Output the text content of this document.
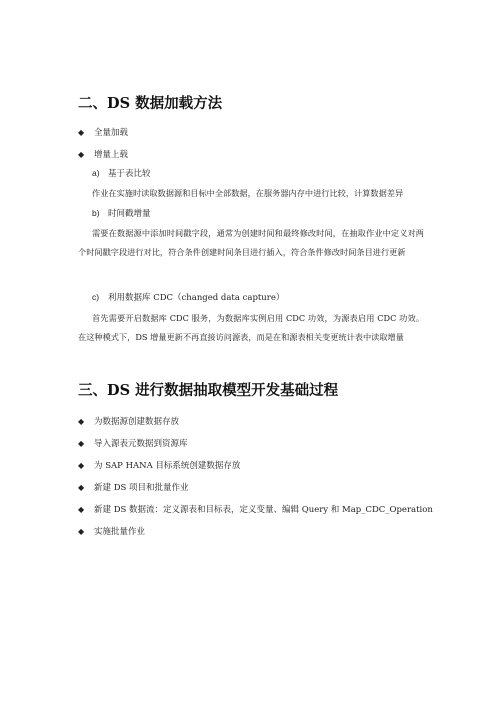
二、DS 数据加载方法
◆ 全量加载
◆ 增量上载
a) 基于表比较

作业在实施时读取数据源和目标中全部数据，在服务器内存中进行比较，计算数据差异

b) 时间戳增量

需要在数据源中添加时间戳字段，通常为创建时间和最终修改时间，在抽取作业中定义对两个时间戳字段进行对比，符合条件创建时间条目进行插入，符合条件修改时间条目进行更新

c) 利用数据库 CDC（changed data capture）

首先需要开启数据库 CDC 服务，为数据库实例启用 CDC 功效，为源表启用 CDC 功效。在这种模式下，DS 增量更新不再直接访问源表，而是在和源表相关变更统计表中读取增量

三、DS 进行数据抽取模型开发基础过程
◆ 为数据源创建数据存放
◆ 导入源表元数据到资源库
◆ 为 SAP HANA 目标系统创建数据存放
◆ 新建 DS 项目和批量作业
◆ 新建 DS 数据流：定义源表和目标表，定义变量、编辑 Query 和 Map_CDC_Operation
◆ 实施批量作业
